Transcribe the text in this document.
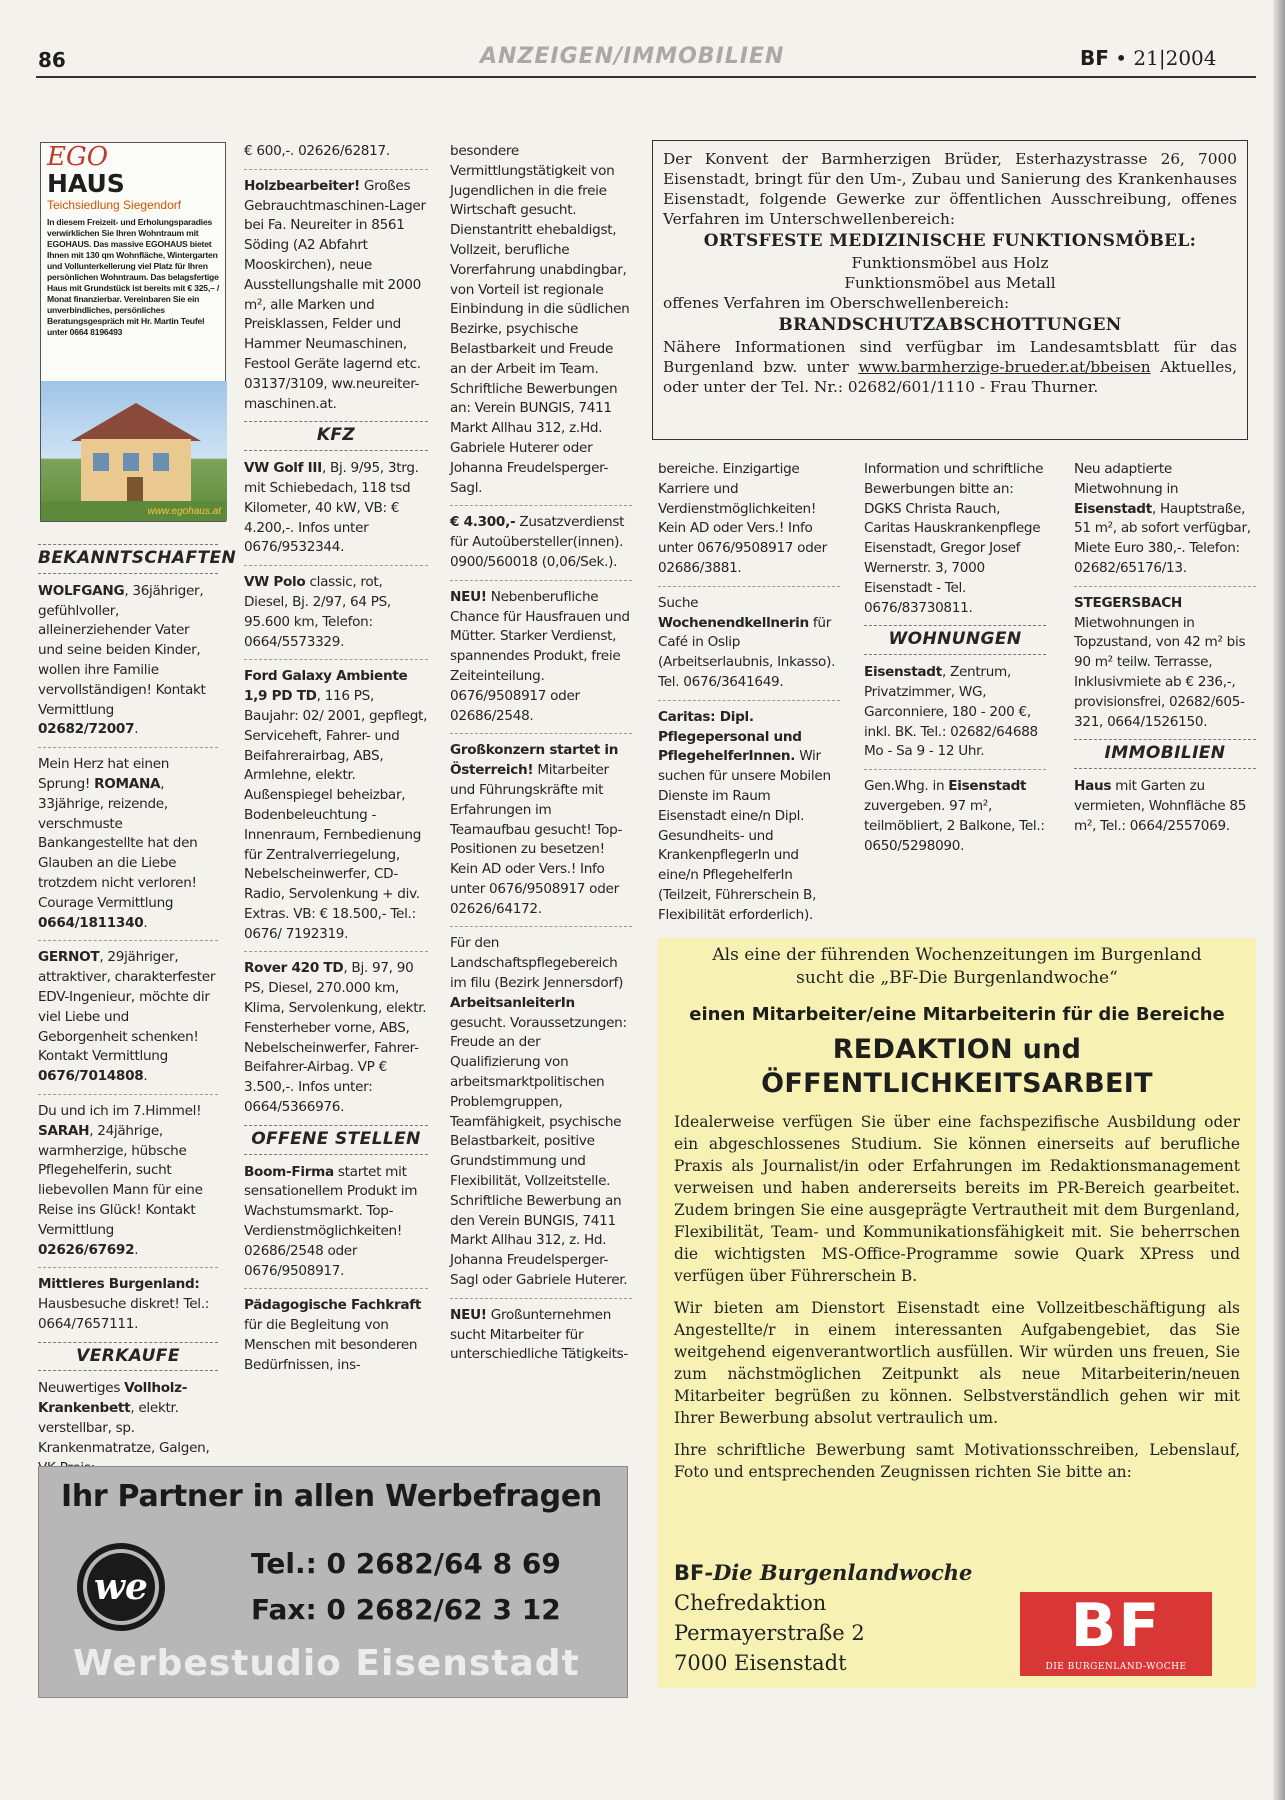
86	ANZEIGEN/IMMOBILIEN	BF • 21|2004
EGO
HAUS
Teichsiedlung Siegendorf
In diesem Freizeit- und Erholungsparadies verwirklichen Sie Ihren Wohntraum mit EGOHAUS. Das massive EGOHAUS bietet Ihnen mit 130 qm Wohnfläche, Wintergarten und Vollunterkellerung viel Platz für Ihren persönlichen Wohntraum. Das belagsfertige Haus mit Grundstück ist bereits mit € 325,– / Monat finanzierbar. Vereinbaren Sie ein unverbindliches, persönliches Beratungsgespräch mit Hr. Martin Teufel unter 0664 8196493
www.egohaus.at
BEKANNTSCHAFTEN

WOLFGANG, 36jähriger, gefühlvoller, alleinerziehender Vater und seine beiden Kinder, wollen ihre Familie vervollständigen! Kontakt Vermittlung 02682/72007.

Mein Herz hat einen Sprung! ROMANA, 33jährige, reizende, verschmuste Bankangestellte hat den Glauben an die Liebe trotzdem nicht verloren! Courage Vermittlung 0664/1811340.

GERNOT, 29jähriger, attraktiver, charakterfester EDV-Ingenieur, möchte dir viel Liebe und Geborgenheit schenken! Kontakt Vermittlung 0676/7014808.

Du und ich im 7.Himmel! SARAH, 24jährige, warmherzige, hübsche Pflegehelferin, sucht liebevollen Mann für eine Reise ins Glück! Kontakt Vermittlung 02626/67692.

Mittleres Burgenland: Hausbesuche diskret! Tel.: 0664/7657111.

VERKAUFE

Neuwertiges Vollholz-Krankenbett, elektr. verstellbar, sp. Krankenmatratze, Galgen,

€ 600,-. 02626/62817.

Holzbearbeiter! Großes Gebrauchtmaschinen-Lager bei Fa. Neureiter in 8561 Söding (A2 Abfahrt Mooskirchen), neue Ausstellungshalle mit 2000 m², alle Marken und Preisklassen, Felder und Hammer Neumaschinen, Festool Geräte lagernd etc. 03137/3109, ww.neureiter-maschinen.at.

KFZ

VW Golf III, Bj. 9/95, 3trg. mit Schiebedach, 118 tsd Kilometer, 40 kW, VB: € 4.200,-. Infos unter 0676/9532344.

VW Polo classic, rot, Diesel, Bj. 2/97, 64 PS, 95.600 km, Telefon: 0664/5573329.

Ford Galaxy Ambiente 1,9 PD TD, 116 PS, Baujahr: 02/ 2001, gepflegt, Serviceheft, Fahrer- und Beifahrerairbag, ABS, Armlehne, elektr. Außenspiegel beheizbar, Bodenbeleuchtung - Innenraum, Fernbedienung für Zentralverriegelung, Nebelscheinwerfer, CD-Radio, Servolenkung + div. Extras. VB: € 18.500,- Tel.: 0676/ 7192319.

Rover 420 TD, Bj. 97, 90 PS, Diesel, 270.000 km, Klima, Servolenkung, elektr. Fensterheber vorne, ABS, Nebelscheinwerfer, Fahrer- Beifahrer-Airbag. VP € 3.500,-. Infos unter: 0664/5366976.

OFFENE STELLEN

Boom-Firma startet mit sensationellem Produkt im Wachstumsmarkt. Top-Verdienstmöglichkeiten! 02686/2548 oder 0676/9508917.

Pädagogische Fachkraft für die Begleitung von Menschen mit besonderen Bedürfnissen, ins-

besondere Vermittlungstätigkeit von Jugendlichen in die freie Wirtschaft gesucht. Dienstantritt ehebaldigst, Vollzeit, berufliche Vorerfahrung unabdingbar, von Vorteil ist regionale Einbindung in die südlichen Bezirke, psychische Belastbarkeit und Freude an der Arbeit im Team. Schriftliche Bewerbungen an: Verein BUNGIS, 7411 Markt Allhau 312, z.Hd. Gabriele Huterer oder Johanna Freudelsperger-Sagl.

€ 4.300,- Zusatzverdienst für Autoübersteller(innen). 0900/560018 (0,06/Sek.).

NEU! Nebenberufliche Chance für Hausfrauen und Mütter. Starker Verdienst, spannendes Produkt, freie Zeiteinteilung. 0676/9508917 oder 02686/2548.

Großkonzern startet in Österreich! Mitarbeiter und Führungskräfte mit Erfahrungen im Teamaufbau gesucht! Top-Positionen zu besetzen! Kein AD oder Vers.! Info unter 0676/9508917 oder 02626/64172.

Für den Landschaftspflegebereich im filu (Bezirk Jennersdorf) ArbeitsanleiterIn gesucht. Voraussetzungen: Freude an der Qualifizierung von arbeitsmarktpolitischen Problemgruppen, Teamfähigkeit, psychische Belastbarkeit, positive Grundstimmung und Flexibilität, Vollzeitstelle. Schriftliche Bewerbung an den Verein BUNGIS, 7411 Markt Allhau 312, z. Hd. Johanna Freudelsperger-Sagl oder Gabriele Huterer.

NEU! Großunternehmen sucht Mitarbeiter für unterschiedliche Tätigkeits-

Der Konvent der Barmherzigen Brüder, Esterhazystrasse 26, 7000 Eisenstadt, bringt für den Um-, Zubau und Sanierung des Krankenhauses Eisenstadt, folgende Gewerke zur öffentlichen Ausschreibung, offenes Verfahren im Unterschwellenbereich:
ORTSFESTE MEDIZINISCHE FUNKTIONSMÖBEL:
Funktionsmöbel aus Holz
Funktionsmöbel aus Metall
offenes Verfahren im Oberschwellenbereich:
BRANDSCHUTZABSCHOTTUNGEN
Nähere Informationen sind verfügbar im Landesamtsblatt für das Burgenland bzw. unter www.barmherzige-brueder.at/bbeisen Aktuelles, oder unter der Tel. Nr.: 02682/601/1110 - Frau Thurner.

bereiche. Einzigartige Karriere und Verdienstmöglichkeiten! Kein AD oder Vers.! Info unter 0676/9508917 oder 02686/3881.

Suche Wochenendkellnerin für Café in Oslip (Arbeitserlaubnis, Inkasso). Tel. 0676/3641649.

Caritas: Dipl. Pflegepersonal und PflegehelferInnen. Wir suchen für unsere Mobilen Dienste im Raum Eisenstadt eine/n Dipl. Gesundheits- und KrankenpflegerIn und eine/n PflegehelferIn (Teilzeit, Führerschein B, Flexibilität erforderlich).

Information und schriftliche Bewerbungen bitte an: DGKS Christa Rauch, Caritas Hauskrankenpflege Eisenstadt, Gregor Josef Wernerstr. 3, 7000 Eisenstadt - Tel. 0676/83730811.

WOHNUNGEN

Eisenstadt, Zentrum, Privatzimmer, WG, Garconniere, 180 - 200 €, inkl. BK. Tel.: 02682/64688 Mo - Sa 9 - 12 Uhr.

Gen.Whg. in Eisenstadt zuvergeben. 97 m², teilmöbliert, 2 Balkone, Tel.: 0650/5298090.

Neu adaptierte Mietwohnung in Eisenstadt, Hauptstraße, 51 m², ab sofort verfügbar, Miete Euro 380,-. Telefon: 02682/65176/13.

STEGERSBACH Mietwohnungen in Topzustand, von 42 m² bis 90 m² teilw. Terrasse, Inklusivmiete ab € 236,-, provisionsfrei, 02682/605-321, 0664/1526150.

IMMOBILIEN

Haus mit Garten zu vermieten, Wohnfläche 85 m², Tel.: 0664/2557069.

Ihr Partner in allen Werbefragen
we
Tel.: 0 2682/64 8 69
Fax: 0 2682/62 3 12
Werbestudio Eisenstadt
Als eine der führenden Wochenzeitungen im Burgenland
sucht die „BF-Die Burgenlandwoche“
einen Mitarbeiter/eine Mitarbeiterin für die Bereiche
REDAKTION und
ÖFFENTLICHKEITSARBEIT
Idealerweise verfügen Sie über eine fachspezifische Ausbildung oder ein abgeschlossenes Studium. Sie können einerseits auf berufliche Praxis als Journalist/in oder Erfahrungen im Redaktionsmanagement verweisen und haben andererseits bereits im PR-Bereich gearbeitet. Zudem bringen Sie eine ausgeprägte Vertrautheit mit dem Burgenland, Flexibilität, Team- und Kommunikationsfähigkeit mit. Sie beherrschen die wichtigsten MS-Office-Programme sowie Quark XPress und verfügen über Führerschein B.
Wir bieten am Dienstort Eisenstadt eine Vollzeitbeschäftigung als Angestellte/r in einem interessanten Aufgabengebiet, das Sie weitgehend eigenverantwortlich ausfüllen. Wir würden uns freuen, Sie zum nächstmöglichen Zeitpunkt als neue Mitarbeiterin/neuen Mitarbeiter begrüßen zu können. Selbstverständlich gehen wir mit Ihrer Bewerbung absolut vertraulich um.
Ihre schriftliche Bewerbung samt Motivationsschreiben, Lebenslauf, Foto und entsprechenden Zeugnissen richten Sie bitte an:
BF-Die Burgenlandwoche
Chefredaktion
Permayerstraße 2
7000 Eisenstadt
BF
DIE BURGENLAND-WOCHE
